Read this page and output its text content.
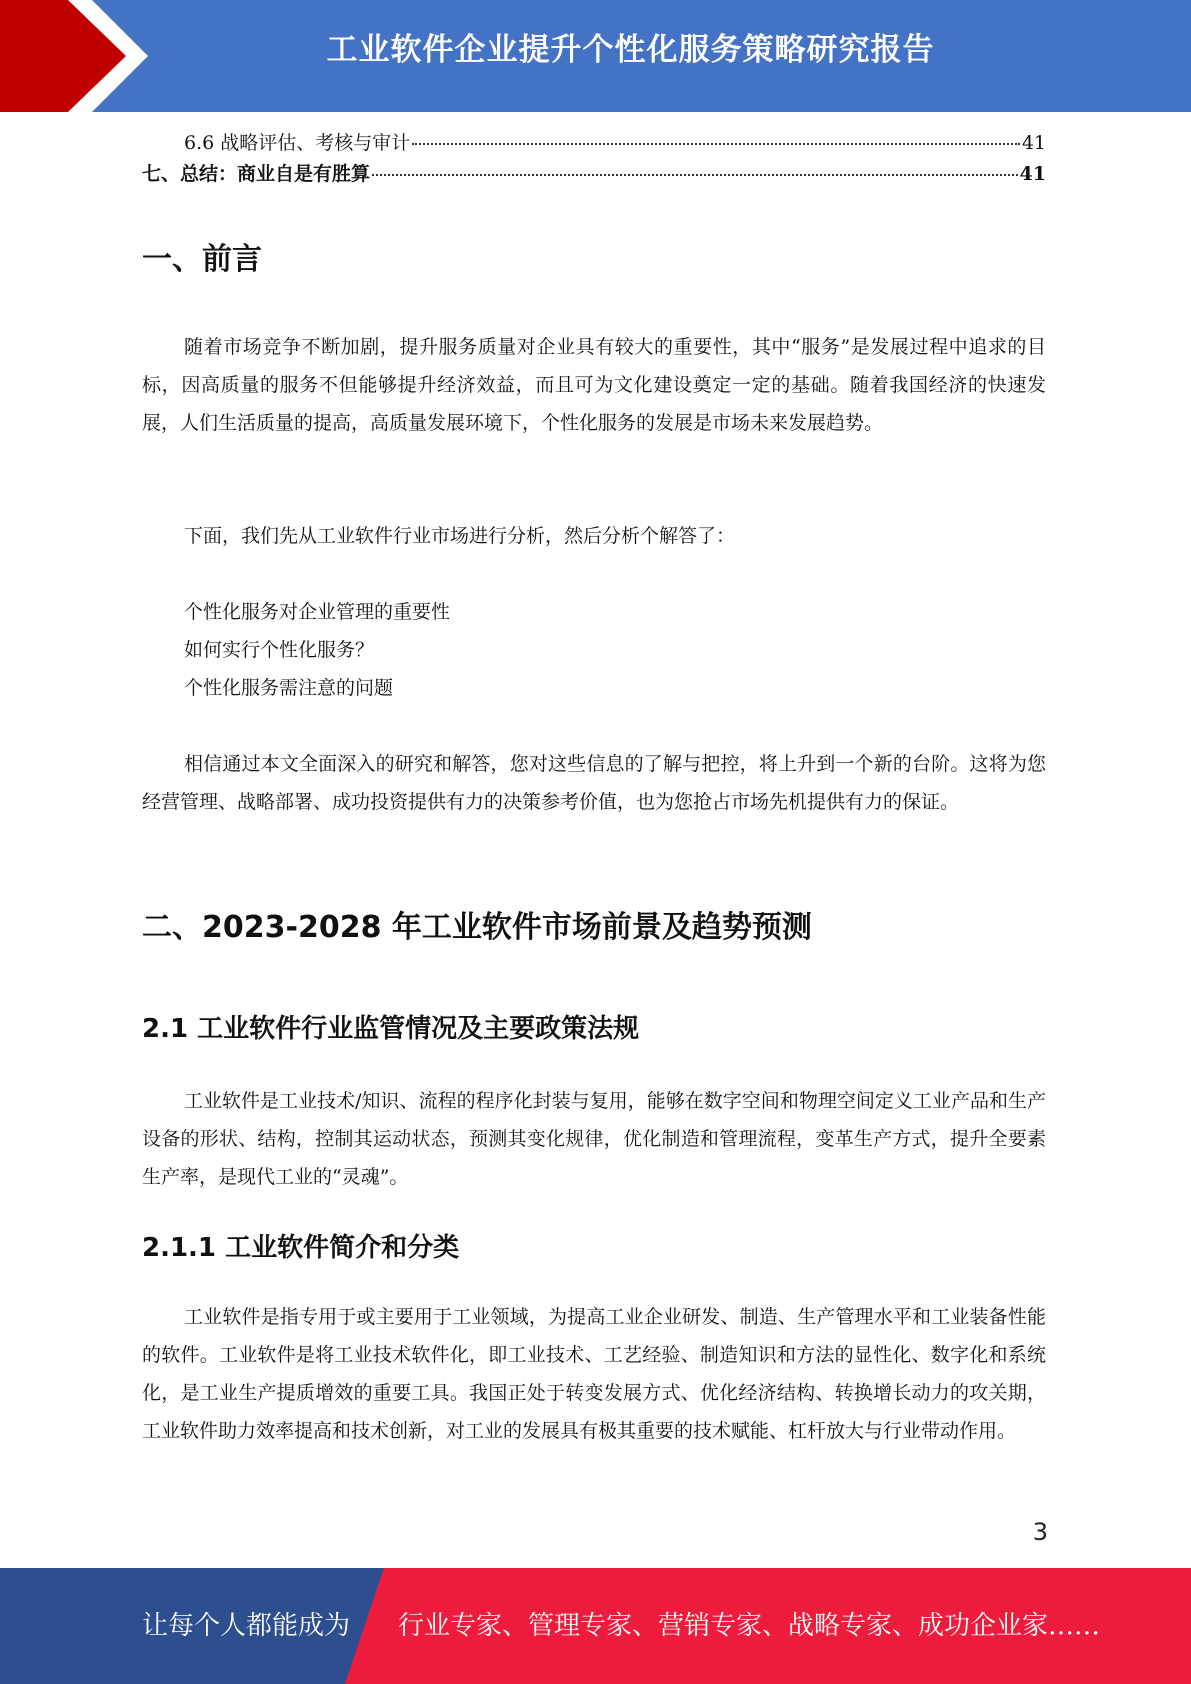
工业软件企业提升个性化服务策略研究报告
6.6 战略评估、考核与审计	41
七、总结：商业自是有胜算	41
一、前言

随着市场竞争不断加剧，提升服务质量对企业具有较大的重要性，其中“服务”是发展过程中追求的目标，因高质量的服务不但能够提升经济效益，而且可为文化建设奠定一定的基础。随着我国经济的快速发展，人们生活质量的提高，高质量发展环境下，个性化服务的发展是市场未来发展趋势。

下面，我们先从工业软件行业市场进行分析，然后分析个解答了：

个性化服务对企业管理的重要性
如何实行个性化服务？
个性化服务需注意的问题

相信通过本文全面深入的研究和解答，您对这些信息的了解与把控，将上升到一个新的台阶。这将为您经营管理、战略部署、成功投资提供有力的决策参考价值，也为您抢占市场先机提供有力的保证。

二、2023-2028 年工业软件市场前景及趋势预测
2.1 工业软件行业监管情况及主要政策法规

工业软件是工业技术/知识、流程的程序化封装与复用，能够在数字空间和物理空间定义工业产品和生产设备的形状、结构，控制其运动状态，预测其变化规律，优化制造和管理流程，变革生产方式，提升全要素生产率，是现代工业的“灵魂”。

2.1.1 工业软件简介和分类

工业软件是指专用于或主要用于工业领域，为提高工业企业研发、制造、生产管理水平和工业装备性能的软件。工业软件是将工业技术软件化，即工业技术、工艺经验、制造知识和方法的显性化、数字化和系统化，是工业生产提质增效的重要工具。我国正处于转变发展方式、优化经济结构、转换增长动力的攻关期，工业软件助力效率提高和技术创新，对工业的发展具有极其重要的技术赋能、杠杆放大与行业带动作用。

3
让每个人都能成为 行业专家、管理专家、营销专家、战略专家、成功企业家……
